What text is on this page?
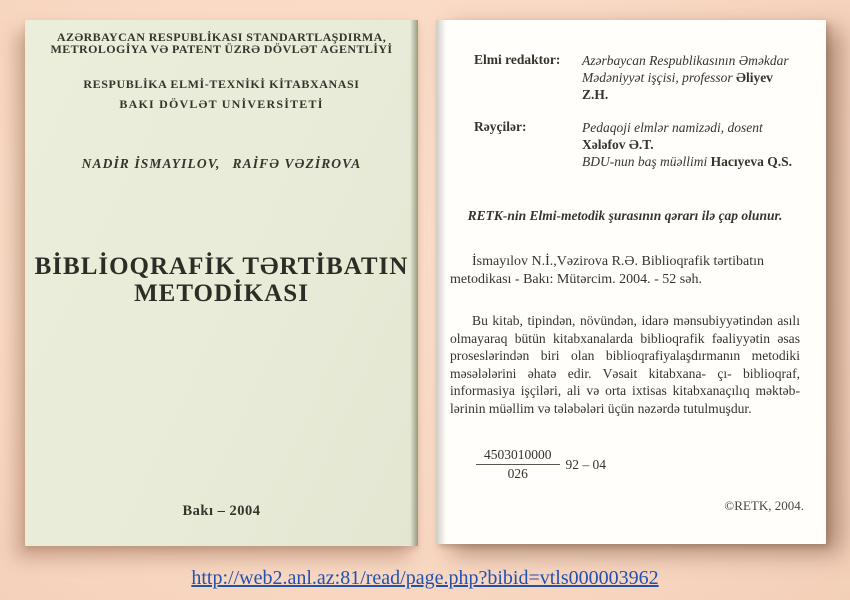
AZƏRBAYCAN RESPUBLİKASI STANDARTLAŞDIRMA,
METROLOGİYA VƏ PATENT ÜZRƏ DÖVLƏT AGENTLİYİ
RESPUBLİKA ELMİ-TEXNİKİ KİTABXANASI
BAKI DÖVLƏT UNİVERSİTETİ
NADİR İSMAYILOV, RAİFƏ VƏZİROVA
BİBLİOQRAFİK TƏRTİBATIN
METODİKASI
Bakı – 2004
Elmi redaktor:	Azərbaycan Respublikasının Əməkdar
Mədəniyyət işçisi, professor Əliyev Z.H.
Rəyçilər:	Pedaqoji elmlər namizədi, dosent Xələfov Ə.T.
BDU-nun baş müəllimi Hacıyeva Q.S.
RETK-nin Elmi-metodik şurasının qərarı ilə çap olunur.

İsmayılov N.İ.,Vəzirova R.Ə. Biblioqrafik tərtibatın metodikası - Bakı: Mütərcim. 2004. - 52 səh.

Bu kitab, tipindən, növündən, idarə mənsubiyyətindən asılı olmayaraq bütün kitabxanalarda biblioqrafik fəaliyyətin əsas proseslərindən biri olan biblioqrafiyalaşdırmanın metodiki məsələlərini əhatə edir. Vəsait kitabxana- çı- biblioqraf, informasiya işçiləri, ali və orta ixtisas kitabxanaçılıq məktəb- lərinin müəllim və tələbələri üçün nəzərdə tutulmuşdur.

$\frac{4503010000}{026} 92 - 04$
©RETK, 2004.
http://web2.anl.az:81/read/page.php?bibid=vtls000003962
